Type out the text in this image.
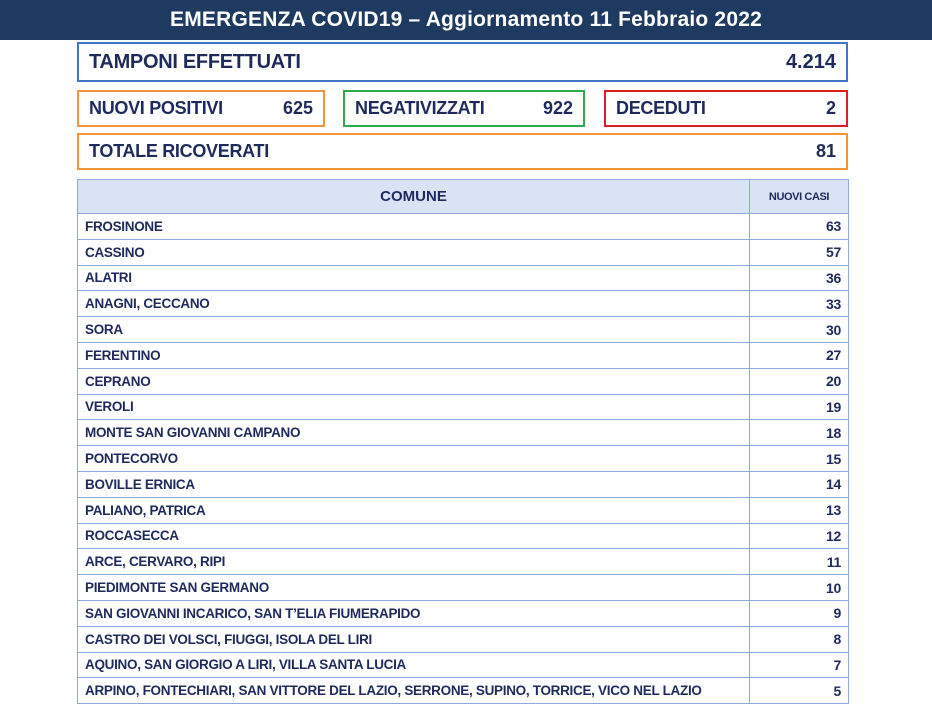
EMERGENZA COVID19 – Aggiornamento 11 Febbraio 2022
TAMPONI EFFETTUATI	4.214
NUOVI POSITIVI	625 NEGATIVIZZATI	922 DECEDUTI	2
TOTALE RICOVERATI	81
COMUNE	NUOVI CASI
FROSINONE	63
CASSINO	57
ALATRI	36
ANAGNI, CECCANO	33
SORA	30
FERENTINO	27
CEPRANO	20
VEROLI	19
MONTE SAN GIOVANNI CAMPANO	18
PONTECORVO	15
BOVILLE ERNICA	14
PALIANO, PATRICA	13
ROCCASECCA	12
ARCE, CERVARO, RIPI	11
PIEDIMONTE SAN GERMANO	10
SAN GIOVANNI INCARICO, SAN T’ELIA FIUMERAPIDO	9
CASTRO DEI VOLSCI, FIUGGI, ISOLA DEL LIRI	8
AQUINO, SAN GIORGIO A LIRI, VILLA SANTA LUCIA	7
ARPINO, FONTECHIARI, SAN VITTORE DEL LAZIO, SERRONE, SUPINO, TORRICE, VICO NEL LAZIO	5
